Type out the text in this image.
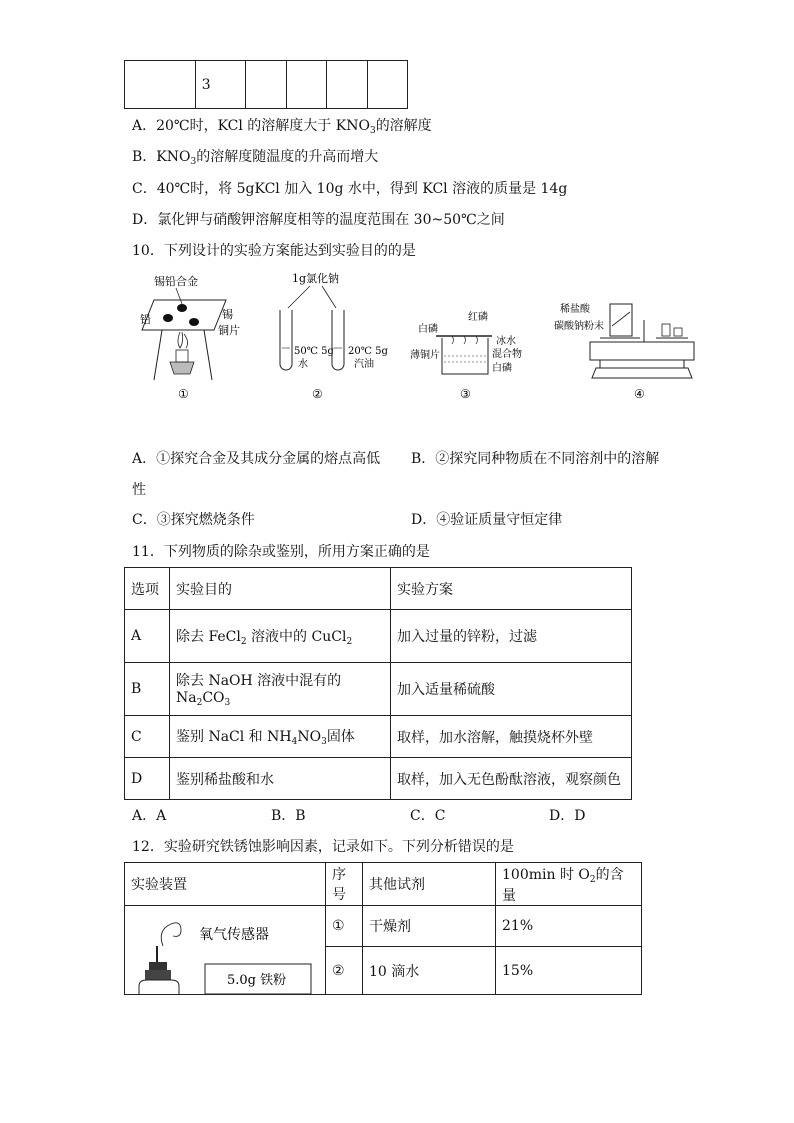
	3				
A．20℃时，KCl 的溶解度大于 $KNO_3$的溶解度
B．$KNO_3$的溶解度随温度的升高而增大
C．40℃时，将 5gKCl 加入 10g 水中，得到 KCl 溶液的质量是 14g
D．氯化钾与硝酸钾溶解度相等的温度范围在 30~50℃之间
10．下列设计的实验方案能达到实验目的的是
锡铅合金
铅	锡
铜片
①
1g氯化钠
50℃ 5g
水
20℃ 5g
汽油
②
白磷
红磷
薄铜片
冰水
混合物
白磷
③
稀盐酸
碳酸钠粉末
④
A．①探究合金及其成分金属的熔点高低 B．②探究同种物质在不同溶剂中的溶解
性
C．③探究燃烧条件	D．④验证质量守恒定律
11．下列物质的除杂或鉴别，所用方案正确的是
选项	实验目的	实验方案
A	除去 FeCl$_2$ 溶液中的 CuCl$_2$	加入过量的锌粉，过滤
B	除去 NaOH 溶液中混有的 $Na_2CO_3$	加入适量稀硫酸
C	鉴别 NaCl 和 $NH_4NO_3$固体	取样，加水溶解，触摸烧杯外壁
D	鉴别稀盐酸和水	取样，加入无色酚酞溶液，观察颜色
A．A	B．B	C．C	D．D
12．实验研究铁锈蚀影响因素，记录如下。下列分析错误的是
实验装置	序号	其他试剂	100min 时 $O_2$的含量

氧气传感器
5.0g 铁粉	①	干燥剂	21%
	②	10 滴水	15%
